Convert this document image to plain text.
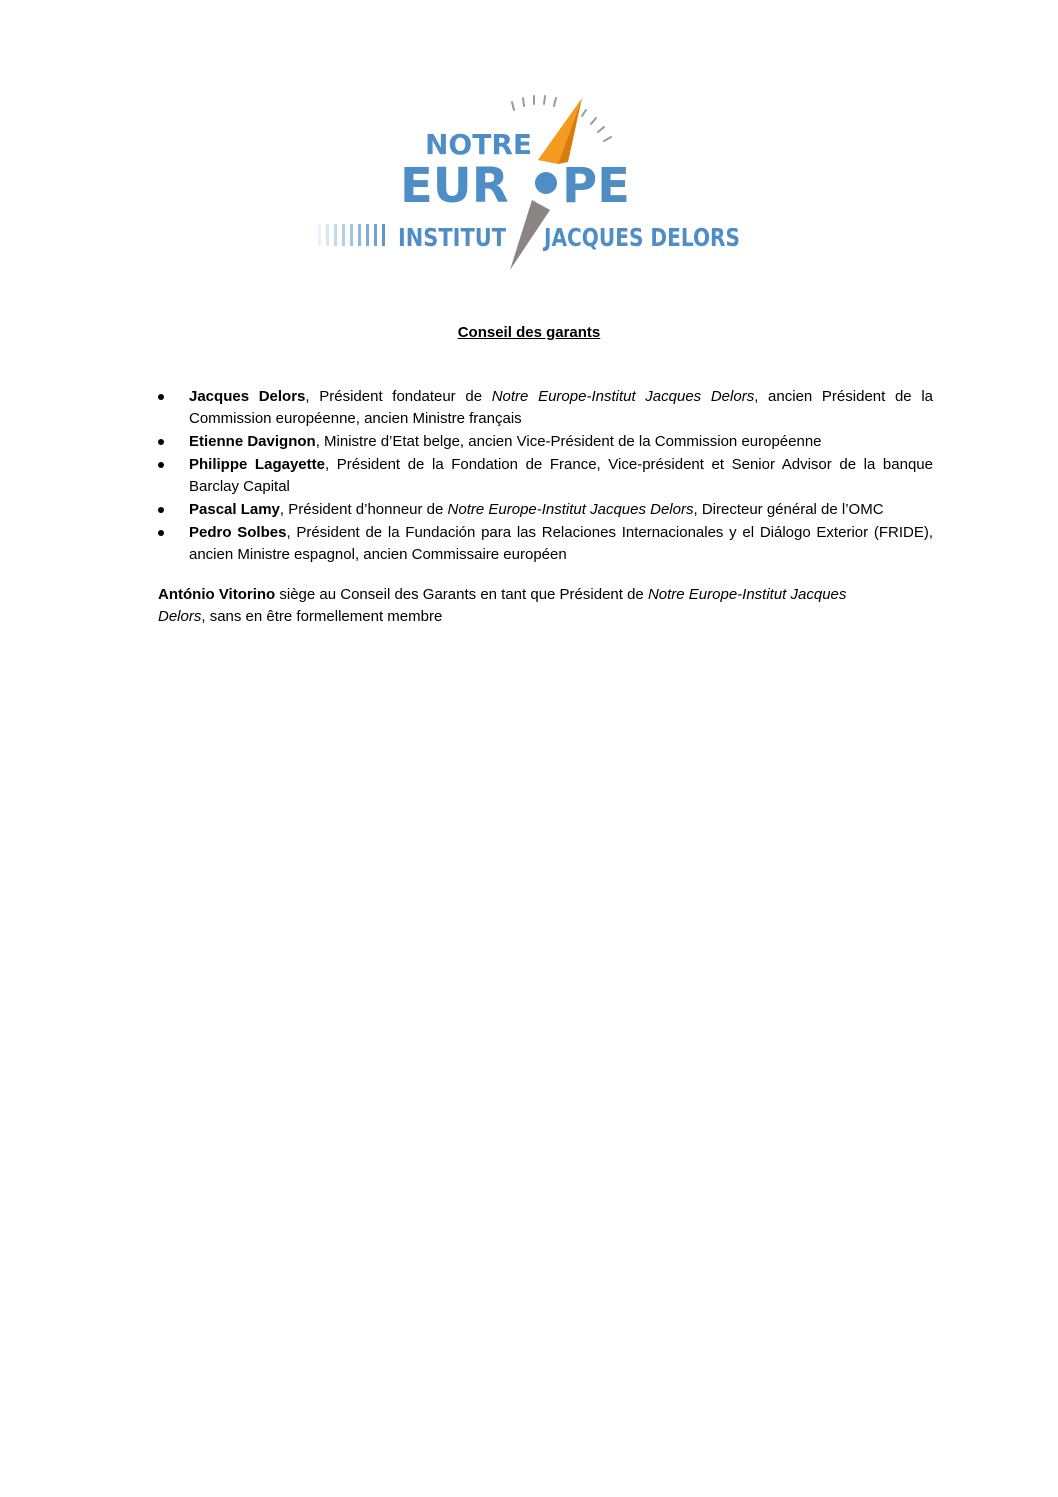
NOTRE
EUR PE
INSTITUT JACQUES DELORS
Conseil des garants
Jacques Delors, Président fondateur de Notre Europe-Institut Jacques Delors, ancien Président de la Commission européenne, ancien Ministre français
Etienne Davignon, Ministre d’Etat belge, ancien Vice-Président de la Commission européenne
Philippe Lagayette, Président de la Fondation de France, Vice-président et Senior Advisor de la banque Barclay Capital
Pascal Lamy, Président d’honneur de Notre Europe-Institut Jacques Delors, Directeur général de l’OMC
Pedro Solbes, Président de la Fundación para las Relaciones Internacionales y el Diálogo Exterior (FRIDE), ancien Ministre espagnol, ancien Commissaire européen

António Vitorino siège au Conseil des Garants en tant que Président de Notre Europe-Institut Jacques Delors, sans en être formellement membre
